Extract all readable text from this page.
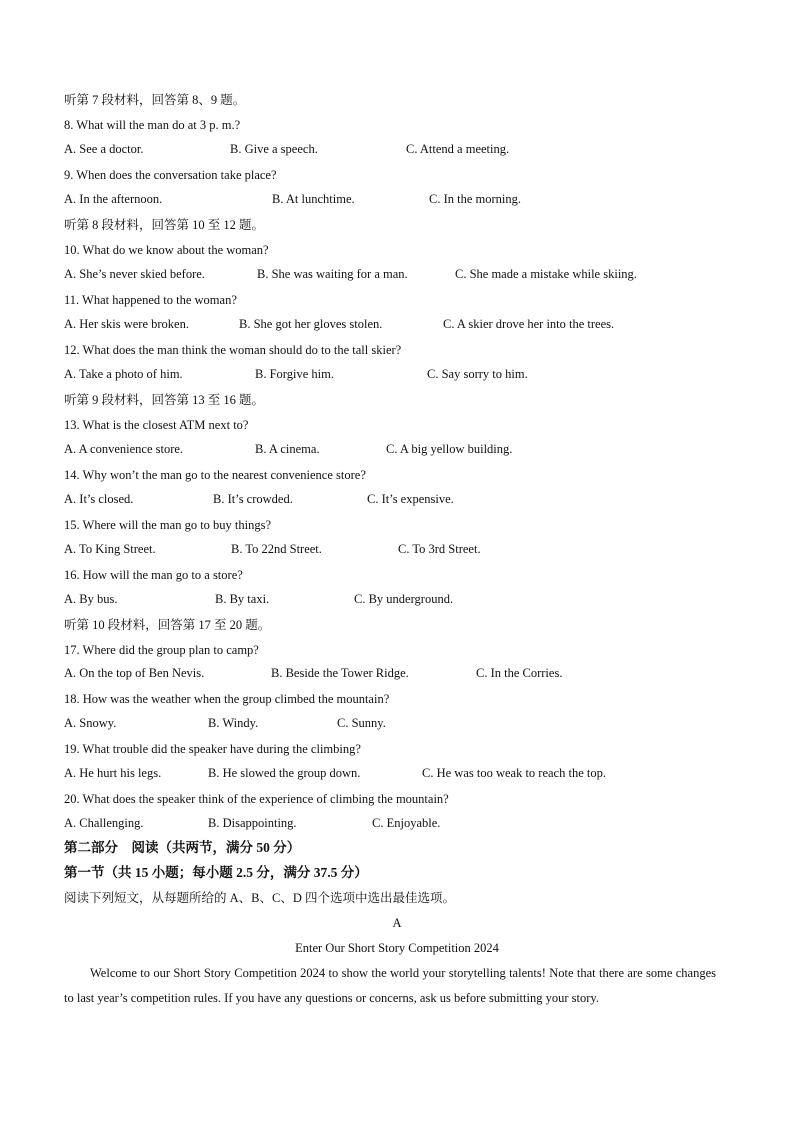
听第 7 段材料，回答第 8、9 题。
8. What will the man do at 3 p. m.?
A. See a doctor.	B. Give a speech.	C. Attend a meeting.
9. When does the conversation take place?
A. In the afternoon.	B. At lunchtime.	C. In the morning.
听第 8 段材料，回答第 10 至 12 题。
10. What do we know about the woman?
A. She’s never skied before.	B. She was waiting for a man.	C. She made a mistake while skiing.
11. What happened to the woman?
A. Her skis were broken.	B. She got her gloves stolen.	C. A skier drove her into the trees.
12. What does the man think the woman should do to the tall skier?
A. Take a photo of him.	B. Forgive him.	C. Say sorry to him.
听第 9 段材料，回答第 13 至 16 题。
13. What is the closest ATM next to?
A. A convenience store.	B. A cinema.	C. A big yellow building.
14. Why won’t the man go to the nearest convenience store?
A. It’s closed.	B. It’s crowded.	C. It’s expensive.
15. Where will the man go to buy things?
A. To King Street.	B. To 22nd Street.	C. To 3rd Street.
16. How will the man go to a store?
A. By bus.	B. By taxi.	C. By underground.
听第 10 段材料，回答第 17 至 20 题。
17. Where did the group plan to camp?
A. On the top of Ben Nevis.	B. Beside the Tower Ridge.	C. In the Corries.
18. How was the weather when the group climbed the mountain?
A. Snowy.	B. Windy.	C. Sunny.
19. What trouble did the speaker have during the climbing?
A. He hurt his legs.	B. He slowed the group down.	C. He was too weak to reach the top.
20. What does the speaker think of the experience of climbing the mountain?
A. Challenging.	B. Disappointing.	C. Enjoyable.
第二部分　阅读（共两节，满分 50 分）
第一节（共 15 小题；每小题 2.5 分，满分 37.5 分）
阅读下列短文，从每题所给的 A、B、C、D 四个选项中选出最佳选项。
A
Enter Our Short Story Competition 2024
Welcome to our Short Story Competition 2024 to show the world your storytelling talents! Note that there are some changes to last year’s competition rules. If you have any questions or concerns, ask us before submitting your story.
